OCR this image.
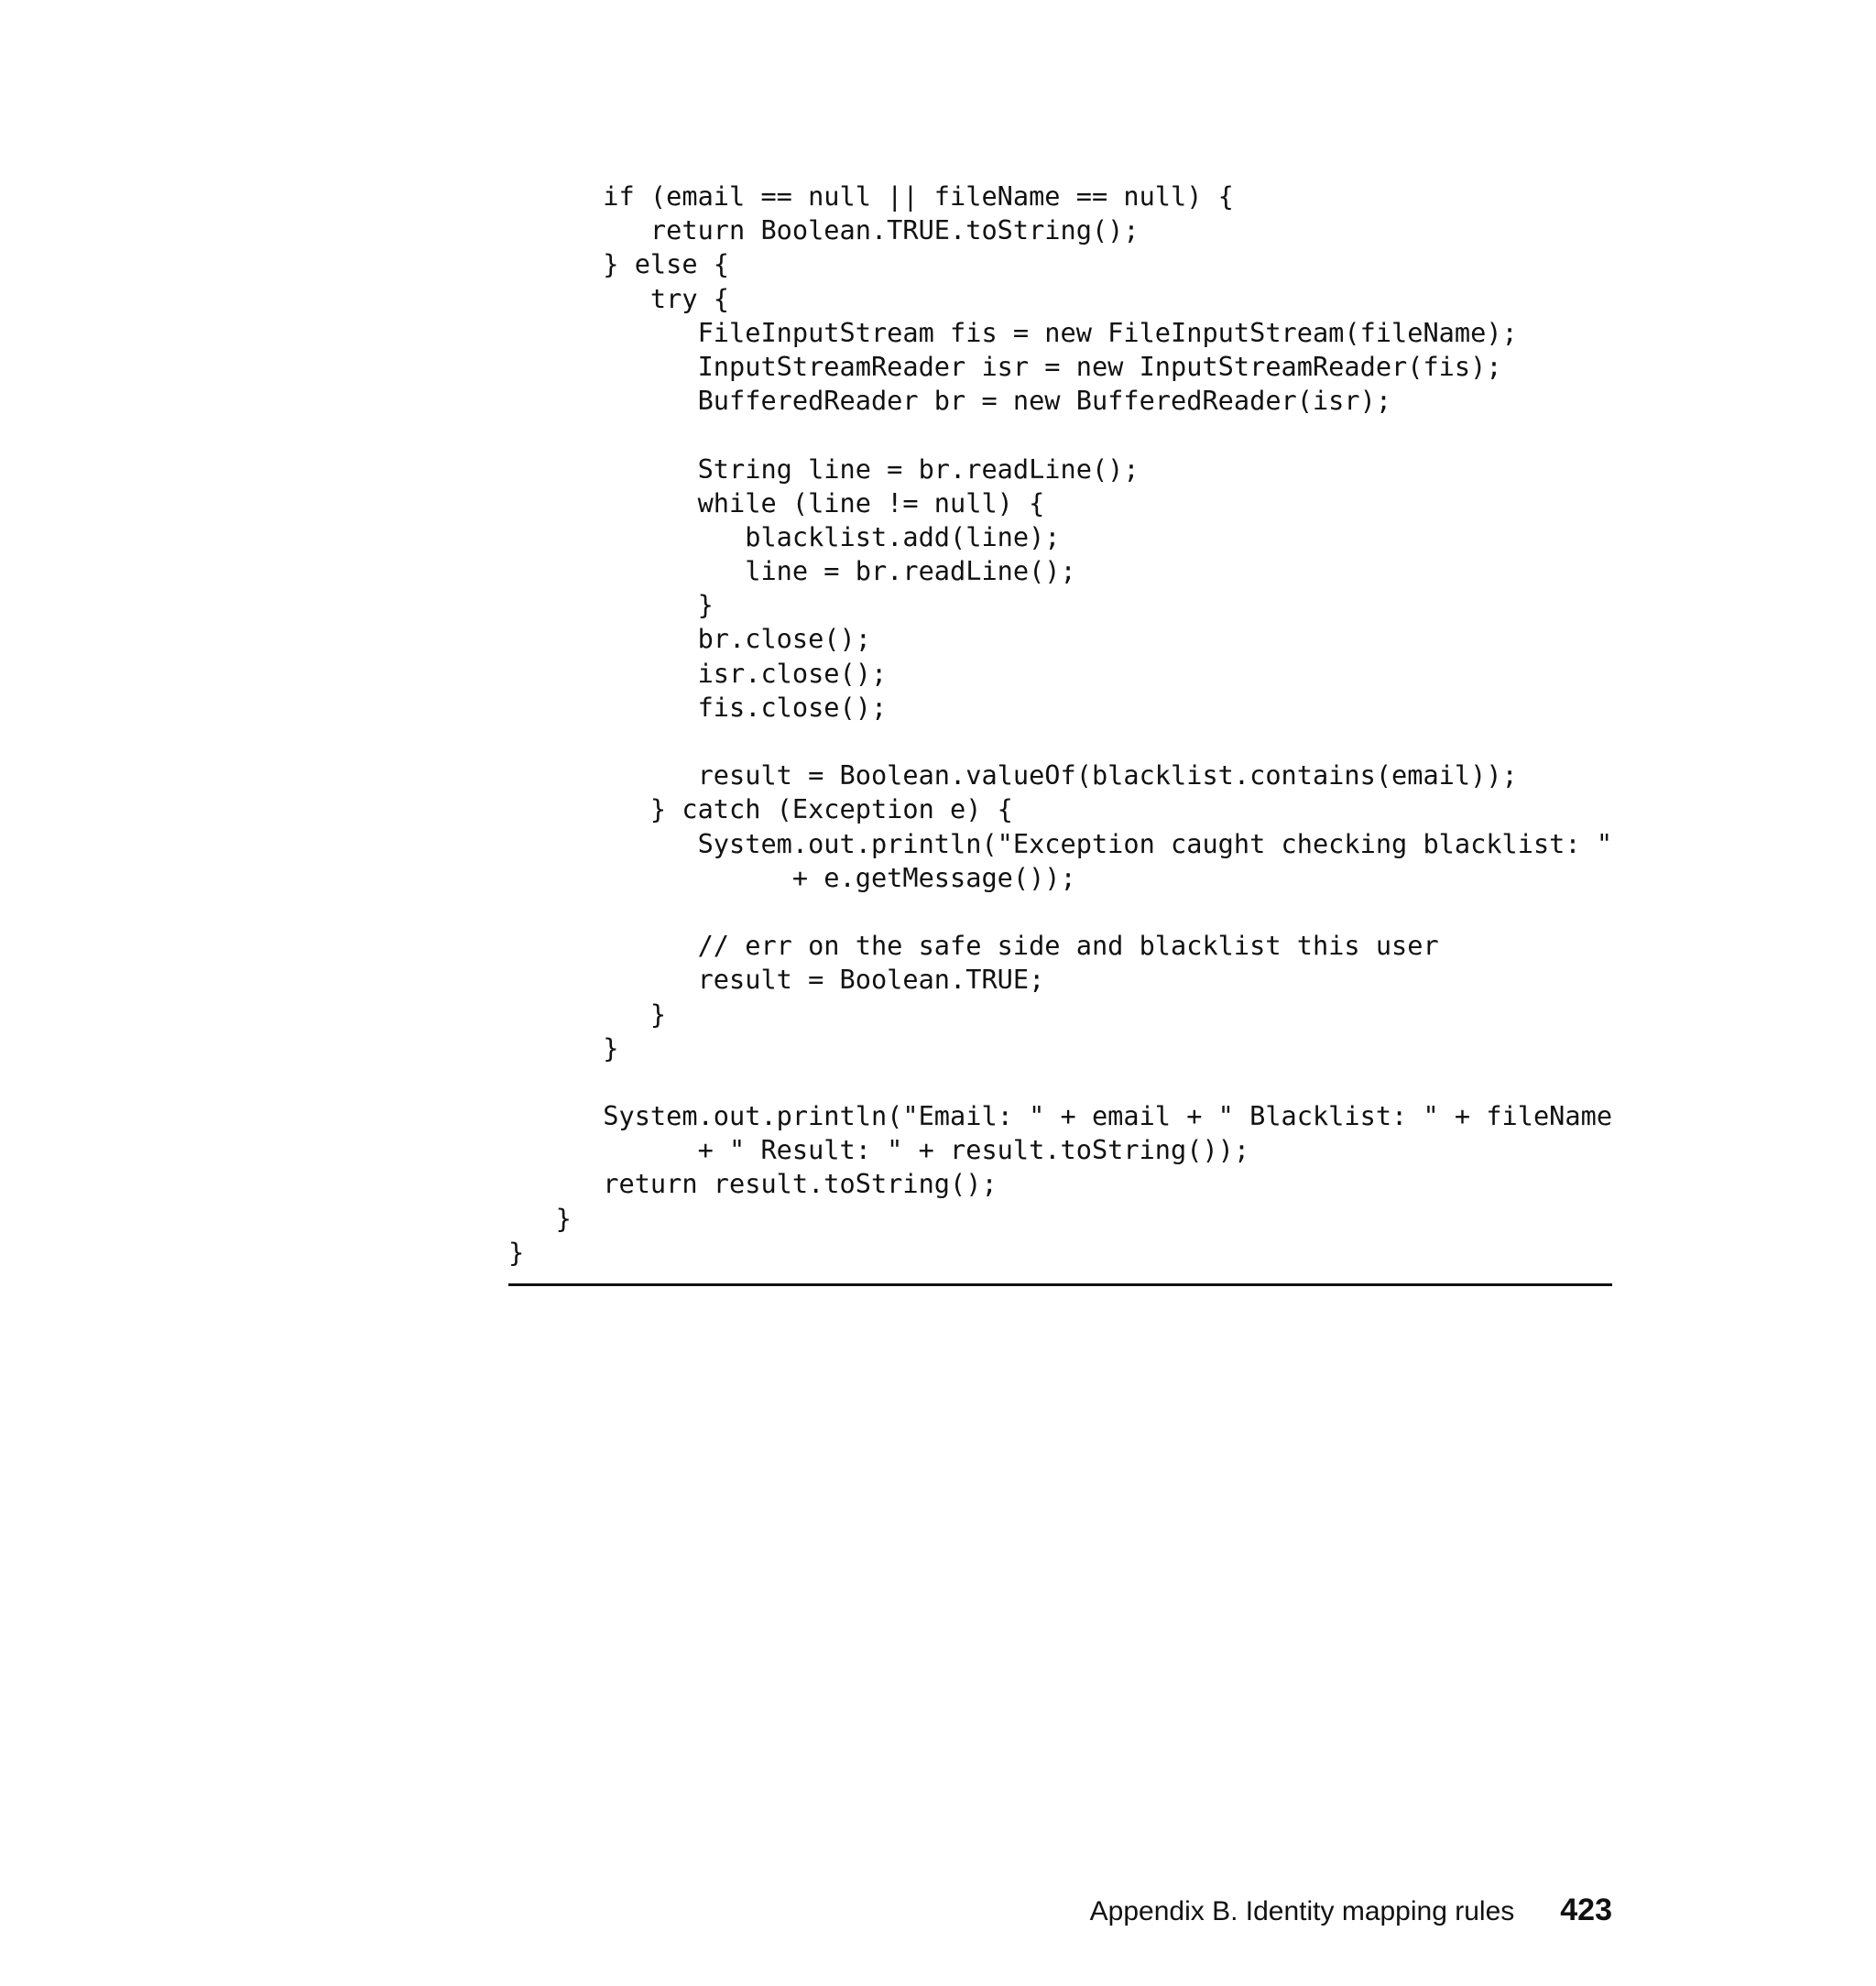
if (email == null || fileName == null) {
return Boolean.TRUE.toString();
} else {
try {
FileInputStream fis = new FileInputStream(fileName);
InputStreamReader isr = new InputStreamReader(fis);
BufferedReader br = new BufferedReader(isr);
String line = br.readLine();
while (line != null) {
blacklist.add(line);
line = br.readLine();
}
br.close();
isr.close();
fis.close();
result = Boolean.valueOf(blacklist.contains(email));
} catch (Exception e) {
System.out.println("Exception caught checking blacklist: "
+ e.getMessage());
// err on the safe side and blacklist this user
result = Boolean.TRUE;
}
}
System.out.println("Email: " + email + " Blacklist: " + fileName
+ " Result: " + result.toString());
return result.toString();
}
}
Appendix B. Identity mapping rules 423
